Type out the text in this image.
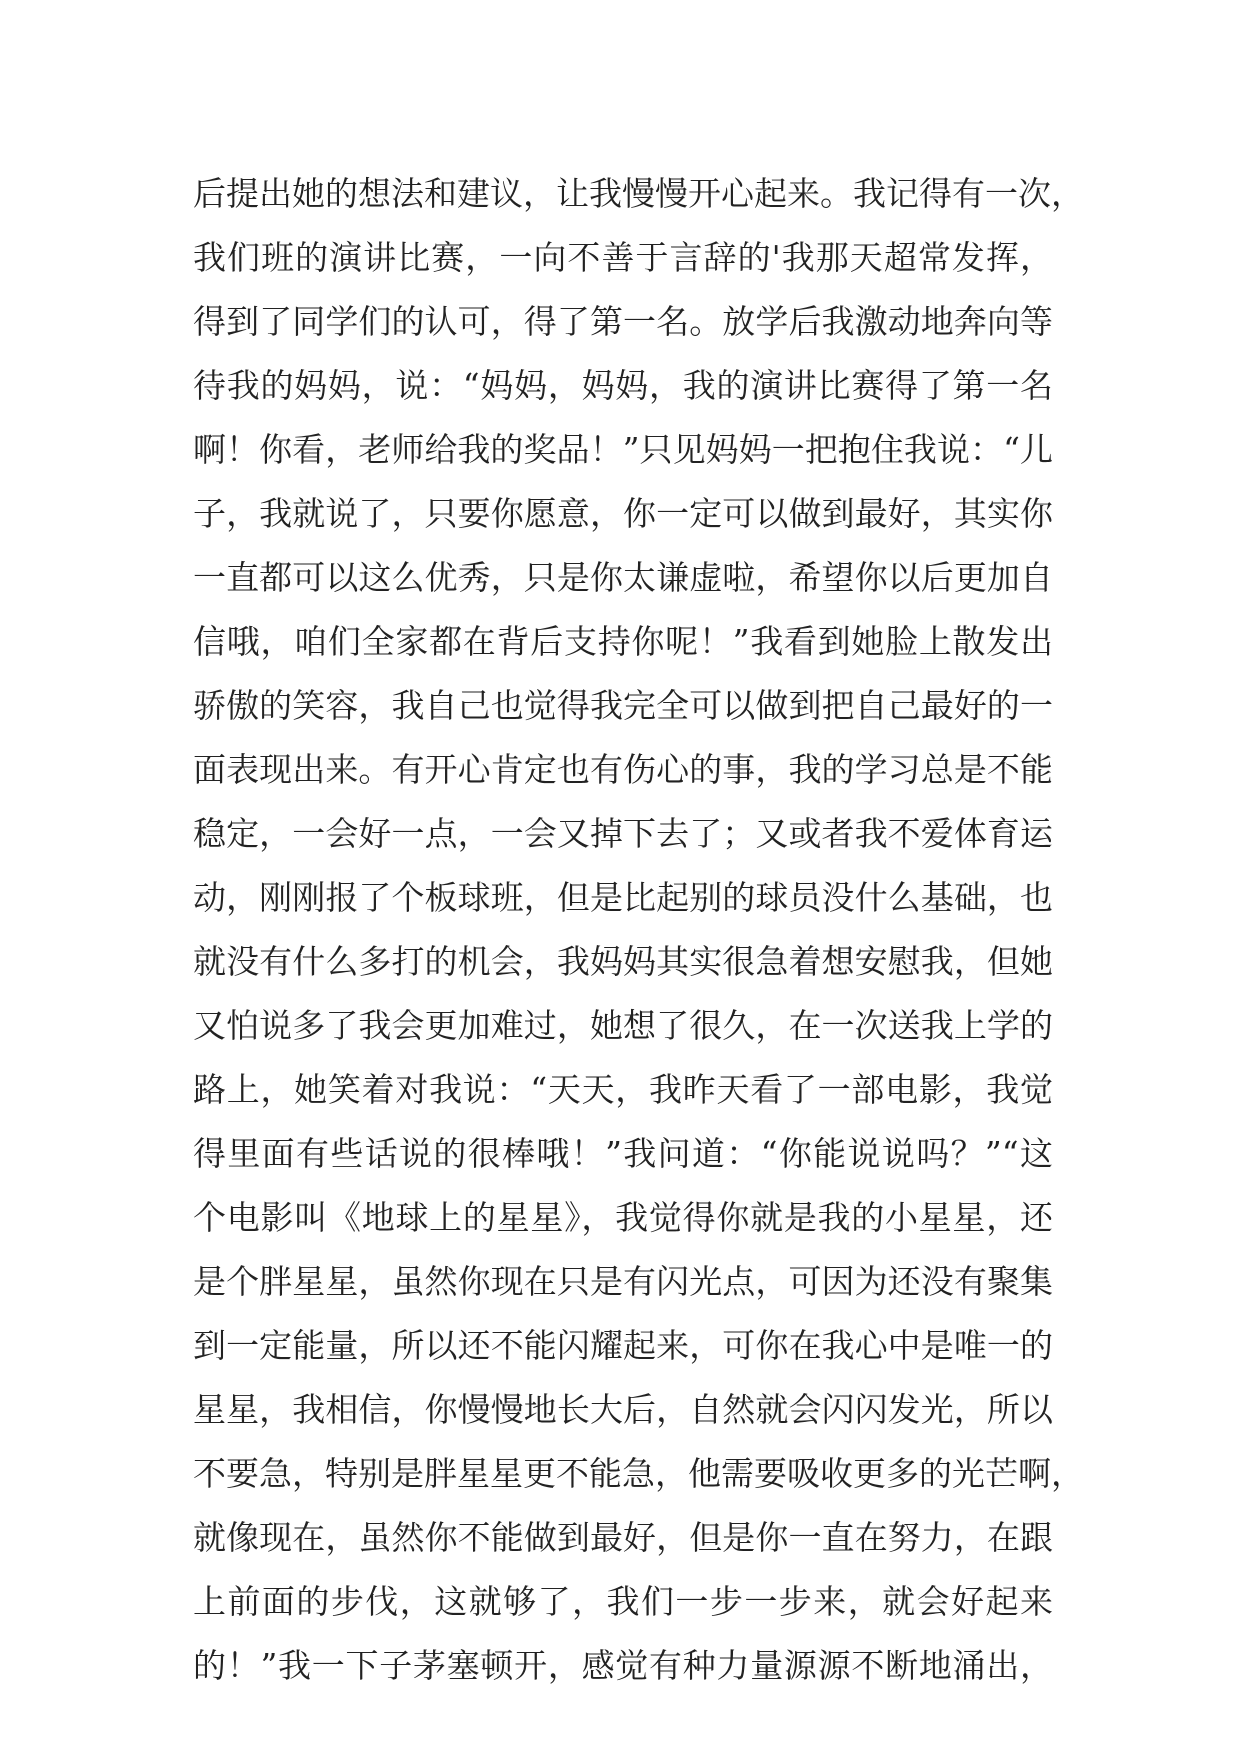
后提出她的想法和建议，让我慢慢开心起来。我记得有一次，
我们班的演讲比赛，一向不善于言辞的'我那天超常发挥，
得到了同学们的认可，得了第一名。放学后我激动地奔向等
待我的妈妈，说：“妈妈，妈妈，我的演讲比赛得了第一名
啊！你看，老师给我的奖品！”只见妈妈一把抱住我说：“儿
子，我就说了，只要你愿意，你一定可以做到最好，其实你
一直都可以这么优秀，只是你太谦虚啦，希望你以后更加自
信哦，咱们全家都在背后支持你呢！”我看到她脸上散发出
骄傲的笑容，我自己也觉得我完全可以做到把自己最好的一
面表现出来。有开心肯定也有伤心的事，我的学习总是不能
稳定，一会好一点，一会又掉下去了；又或者我不爱体育运
动，刚刚报了个板球班，但是比起别的球员没什么基础，也
就没有什么多打的机会，我妈妈其实很急着想安慰我，但她
又怕说多了我会更加难过，她想了很久，在一次送我上学的
路上，她笑着对我说：“天天，我昨天看了一部电影，我觉
得里面有些话说的很棒哦！”我问道：“你能说说吗？”“这
个电影叫《地球上的星星》，我觉得你就是我的小星星，还
是个胖星星，虽然你现在只是有闪光点，可因为还没有聚集
到一定能量，所以还不能闪耀起来，可你在我心中是唯一的
星星，我相信，你慢慢地长大后，自然就会闪闪发光，所以
不要急，特别是胖星星更不能急，他需要吸收更多的光芒啊，
就像现在，虽然你不能做到最好，但是你一直在努力，在跟
上前面的步伐，这就够了，我们一步一步来，就会好起来
的！”我一下子茅塞顿开，感觉有种力量源源不断地涌出，
